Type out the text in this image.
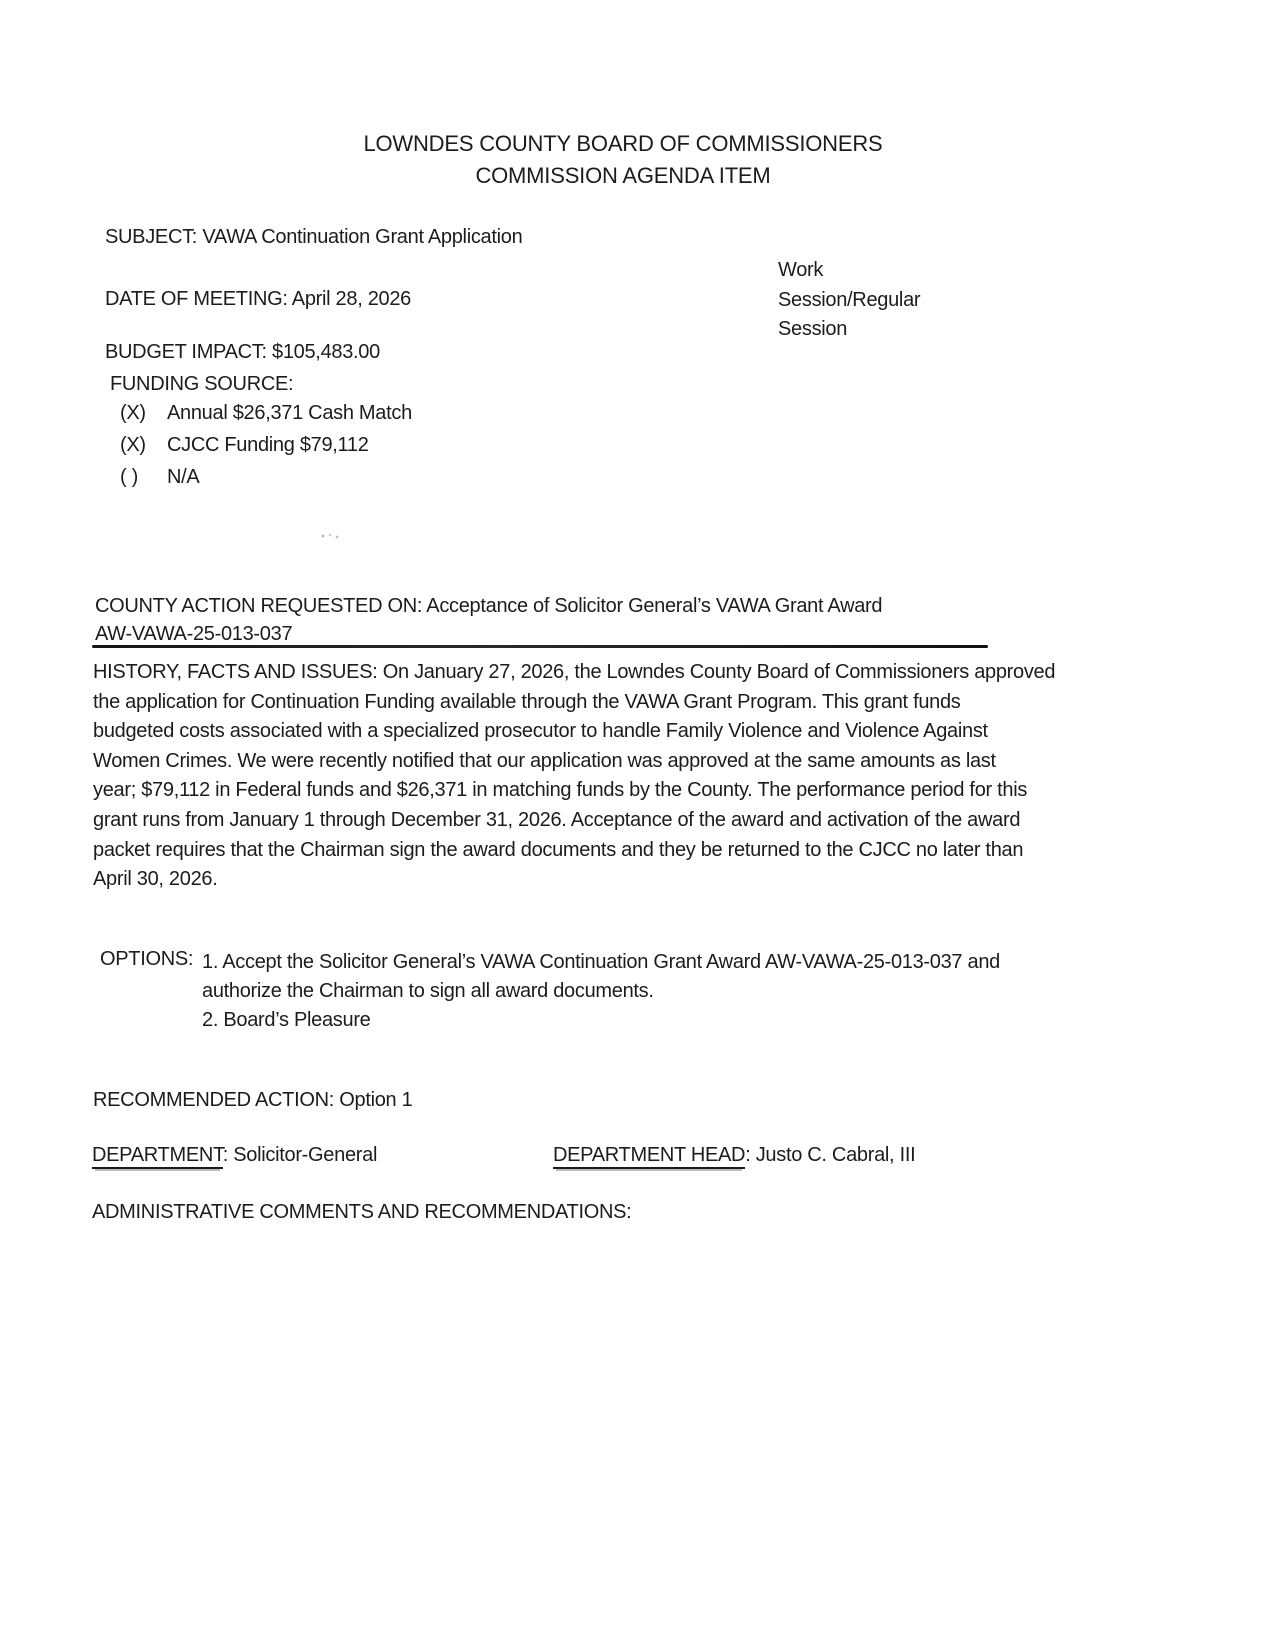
LOWNDES COUNTY BOARD OF COMMISSIONERS
COMMISSION AGENDA ITEM
SUBJECT: VAWA Continuation Grant Application
Work
Session/Regular
Session
DATE OF MEETING: April 28, 2026
BUDGET IMPACT: $105,483.00
FUNDING SOURCE:
(X)	Annual $26,371 Cash Match
(X)	CJCC Funding $79,112
( )	N/A
COUNTY ACTION REQUESTED ON: Acceptance of Solicitor General’s VAWA Grant Award
AW-VAWA-25-013-037
HISTORY, FACTS AND ISSUES: On January 27, 2026, the Lowndes County Board of Commissioners approved
the application for Continuation Funding available through the VAWA Grant Program. This grant funds
budgeted costs associated with a specialized prosecutor to handle Family Violence and Violence Against
Women Crimes. We were recently notified that our application was approved at the same amounts as last
year; $79,112 in Federal funds and $26,371 in matching funds by the County. The performance period for this
grant runs from January 1 through December 31, 2026. Acceptance of the award and activation of the award
packet requires that the Chairman sign the award documents and they be returned to the CJCC no later than
April 30, 2026.
OPTIONS: 1. Accept the Solicitor General’s VAWA Continuation Grant Award AW-VAWA-25-013-037 and
authorize the Chairman to sign all award documents.
2. Board’s Pleasure
RECOMMENDED ACTION: Option 1
DEPARTMENT: Solicitor-General	DEPARTMENT HEAD: Justo C. Cabral, III
ADMINISTRATIVE COMMENTS AND RECOMMENDATIONS:
